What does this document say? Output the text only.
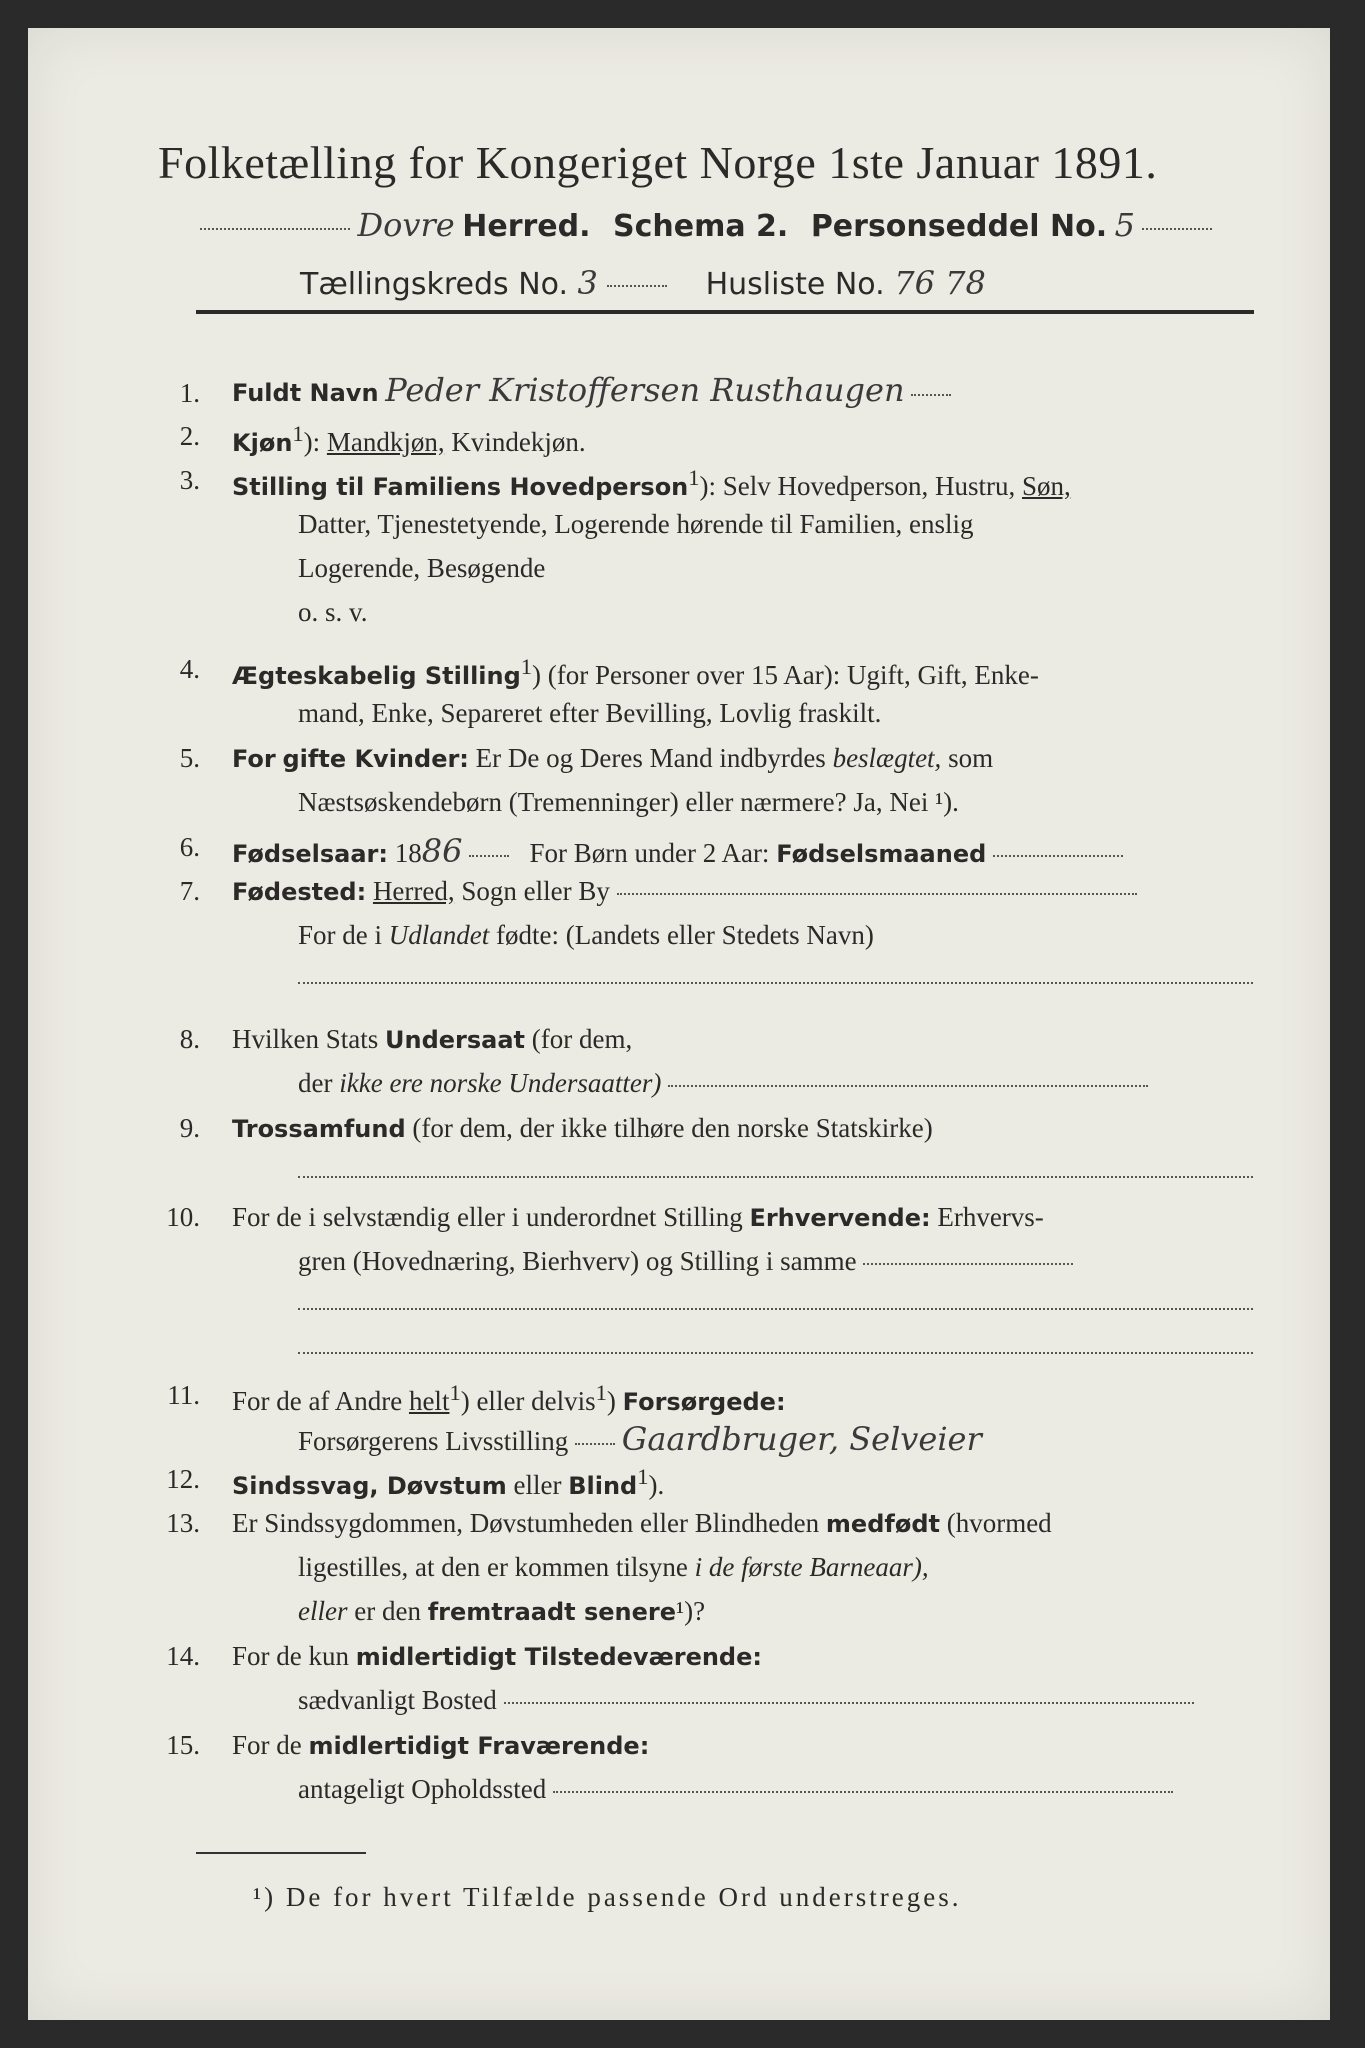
Folketælling for Kongeriget Norge 1ste Januar 1891.
Dovre Herred. Schema 2. Personseddel No. 5
Tællingskreds No. 3	Husliste No. 76 78
1. Fuldt Navn Peder Kristoffersen Rusthaugen
2. Kjøn$^1$): Mandkjøn, Kvindekjøn.
3. Stilling til Familiens Hovedperson$^1$): Selv Hovedperson, Hustru, Søn,
Datter, Tjenestetyende, Logerende hørende til Familien, enslig
Logerende, Besøgende
o. s. v.
4. Ægteskabelig Stilling$^1$) (for Personer over 15 Aar): Ugift, Gift, Enke-
mand, Enke, Separeret efter Bevilling, Lovlig fraskilt.
5. For gifte Kvinder: Er De og Deres Mand indbyrdes beslægtet, som
Næstsøskendebørn (Tremenninger) eller nærmere? Ja, Nei ¹).
6. Fødselsaar: 1886 For Børn under 2 Aar: Fødselsmaaned
7. Fødested: Herred, Sogn eller By
For de i Udlandet fødte: (Landets eller Stedets Navn)
8. Hvilken Stats Undersaat (for dem,
der ikke ere norske Undersaatter)
9. Trossamfund (for dem, der ikke tilhøre den norske Statskirke)
10. For de i selvstændig eller i underordnet Stilling Erhvervende: Erhvervs-
gren (Hovednæring, Bierhverv) og Stilling i samme
11. For de af Andre helt$^1$) eller delvis$^1$) Forsørgede:
Forsørgerens Livsstilling Gaardbruger, Selveier
12. Sindssvag, Døvstum eller Blind$^1$).
13. Er Sindssygdommen, Døvstumheden eller Blindheden medfødt (hvormed
ligestilles, at den er kommen tilsyne i de første Barneaar),
eller er den fremtraadt senere¹)?
14. For de kun midlertidigt Tilstedeværende:
sædvanligt Bosted
15. For de midlertidigt Fraværende:
antageligt Opholdssted
¹) De for hvert Tilfælde passende Ord understreges.
